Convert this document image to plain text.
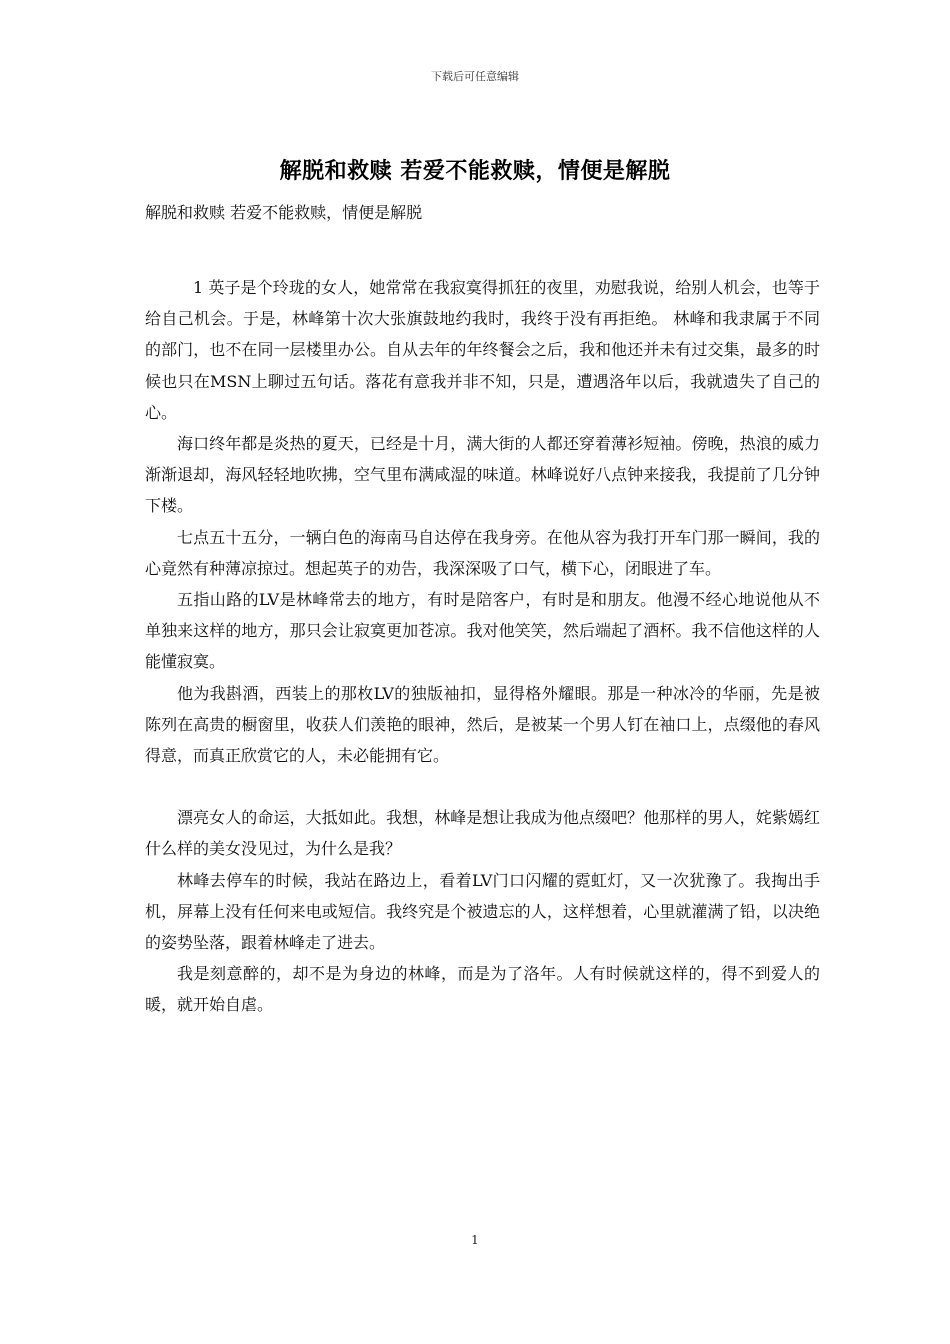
下载后可任意编辑
解脱和救赎 若爱不能救赎，情便是解脱
解脱和救赎 若爱不能救赎，情便是解脱

1 英子是个玲珑的女人，她常常在我寂寞得抓狂的夜里，劝慰我说，给别人机会，也等于给自己机会。于是，林峰第十次大张旗鼓地约我时，我终于没有再拒绝。 林峰和我隶属于不同的部门，也不在同一层楼里办公。自从去年的年终餐会之后，我和他还并未有过交集，最多的时候也只在MSN上聊过五句话。落花有意我并非不知，只是，遭遇洛年以后，我就遗失了自己的心。

海口终年都是炎热的夏天，已经是十月，满大街的人都还穿着薄衫短袖。傍晚，热浪的威力渐渐退却，海风轻轻地吹拂，空气里布满咸湿的味道。林峰说好八点钟来接我，我提前了几分钟下楼。

七点五十五分，一辆白色的海南马自达停在我身旁。在他从容为我打开车门那一瞬间，我的心竟然有种薄凉掠过。想起英子的劝告，我深深吸了口气，横下心，闭眼进了车。

五指山路的LV是林峰常去的地方，有时是陪客户，有时是和朋友。他漫不经心地说他从不单独来这样的地方，那只会让寂寞更加苍凉。我对他笑笑，然后端起了酒杯。我不信他这样的人能懂寂寞。

他为我斟酒，西装上的那枚LV的独版袖扣，显得格外耀眼。那是一种冰冷的华丽，先是被陈列在高贵的橱窗里，收获人们羡艳的眼神，然后，是被某一个男人钉在袖口上，点缀他的春风得意，而真正欣赏它的人，未必能拥有它。

漂亮女人的命运，大抵如此。我想，林峰是想让我成为他点缀吧？他那样的男人，姹紫嫣红什么样的美女没见过，为什么是我？

林峰去停车的时候，我站在路边上，看着LV门口闪耀的霓虹灯，又一次犹豫了。我掏出手机，屏幕上没有任何来电或短信。我终究是个被遗忘的人，这样想着，心里就灌满了铅，以决绝的姿势坠落，跟着林峰走了进去。

我是刻意醉的，却不是为身边的林峰，而是为了洛年。人有时候就这样的，得不到爱人的暖，就开始自虐。

1
